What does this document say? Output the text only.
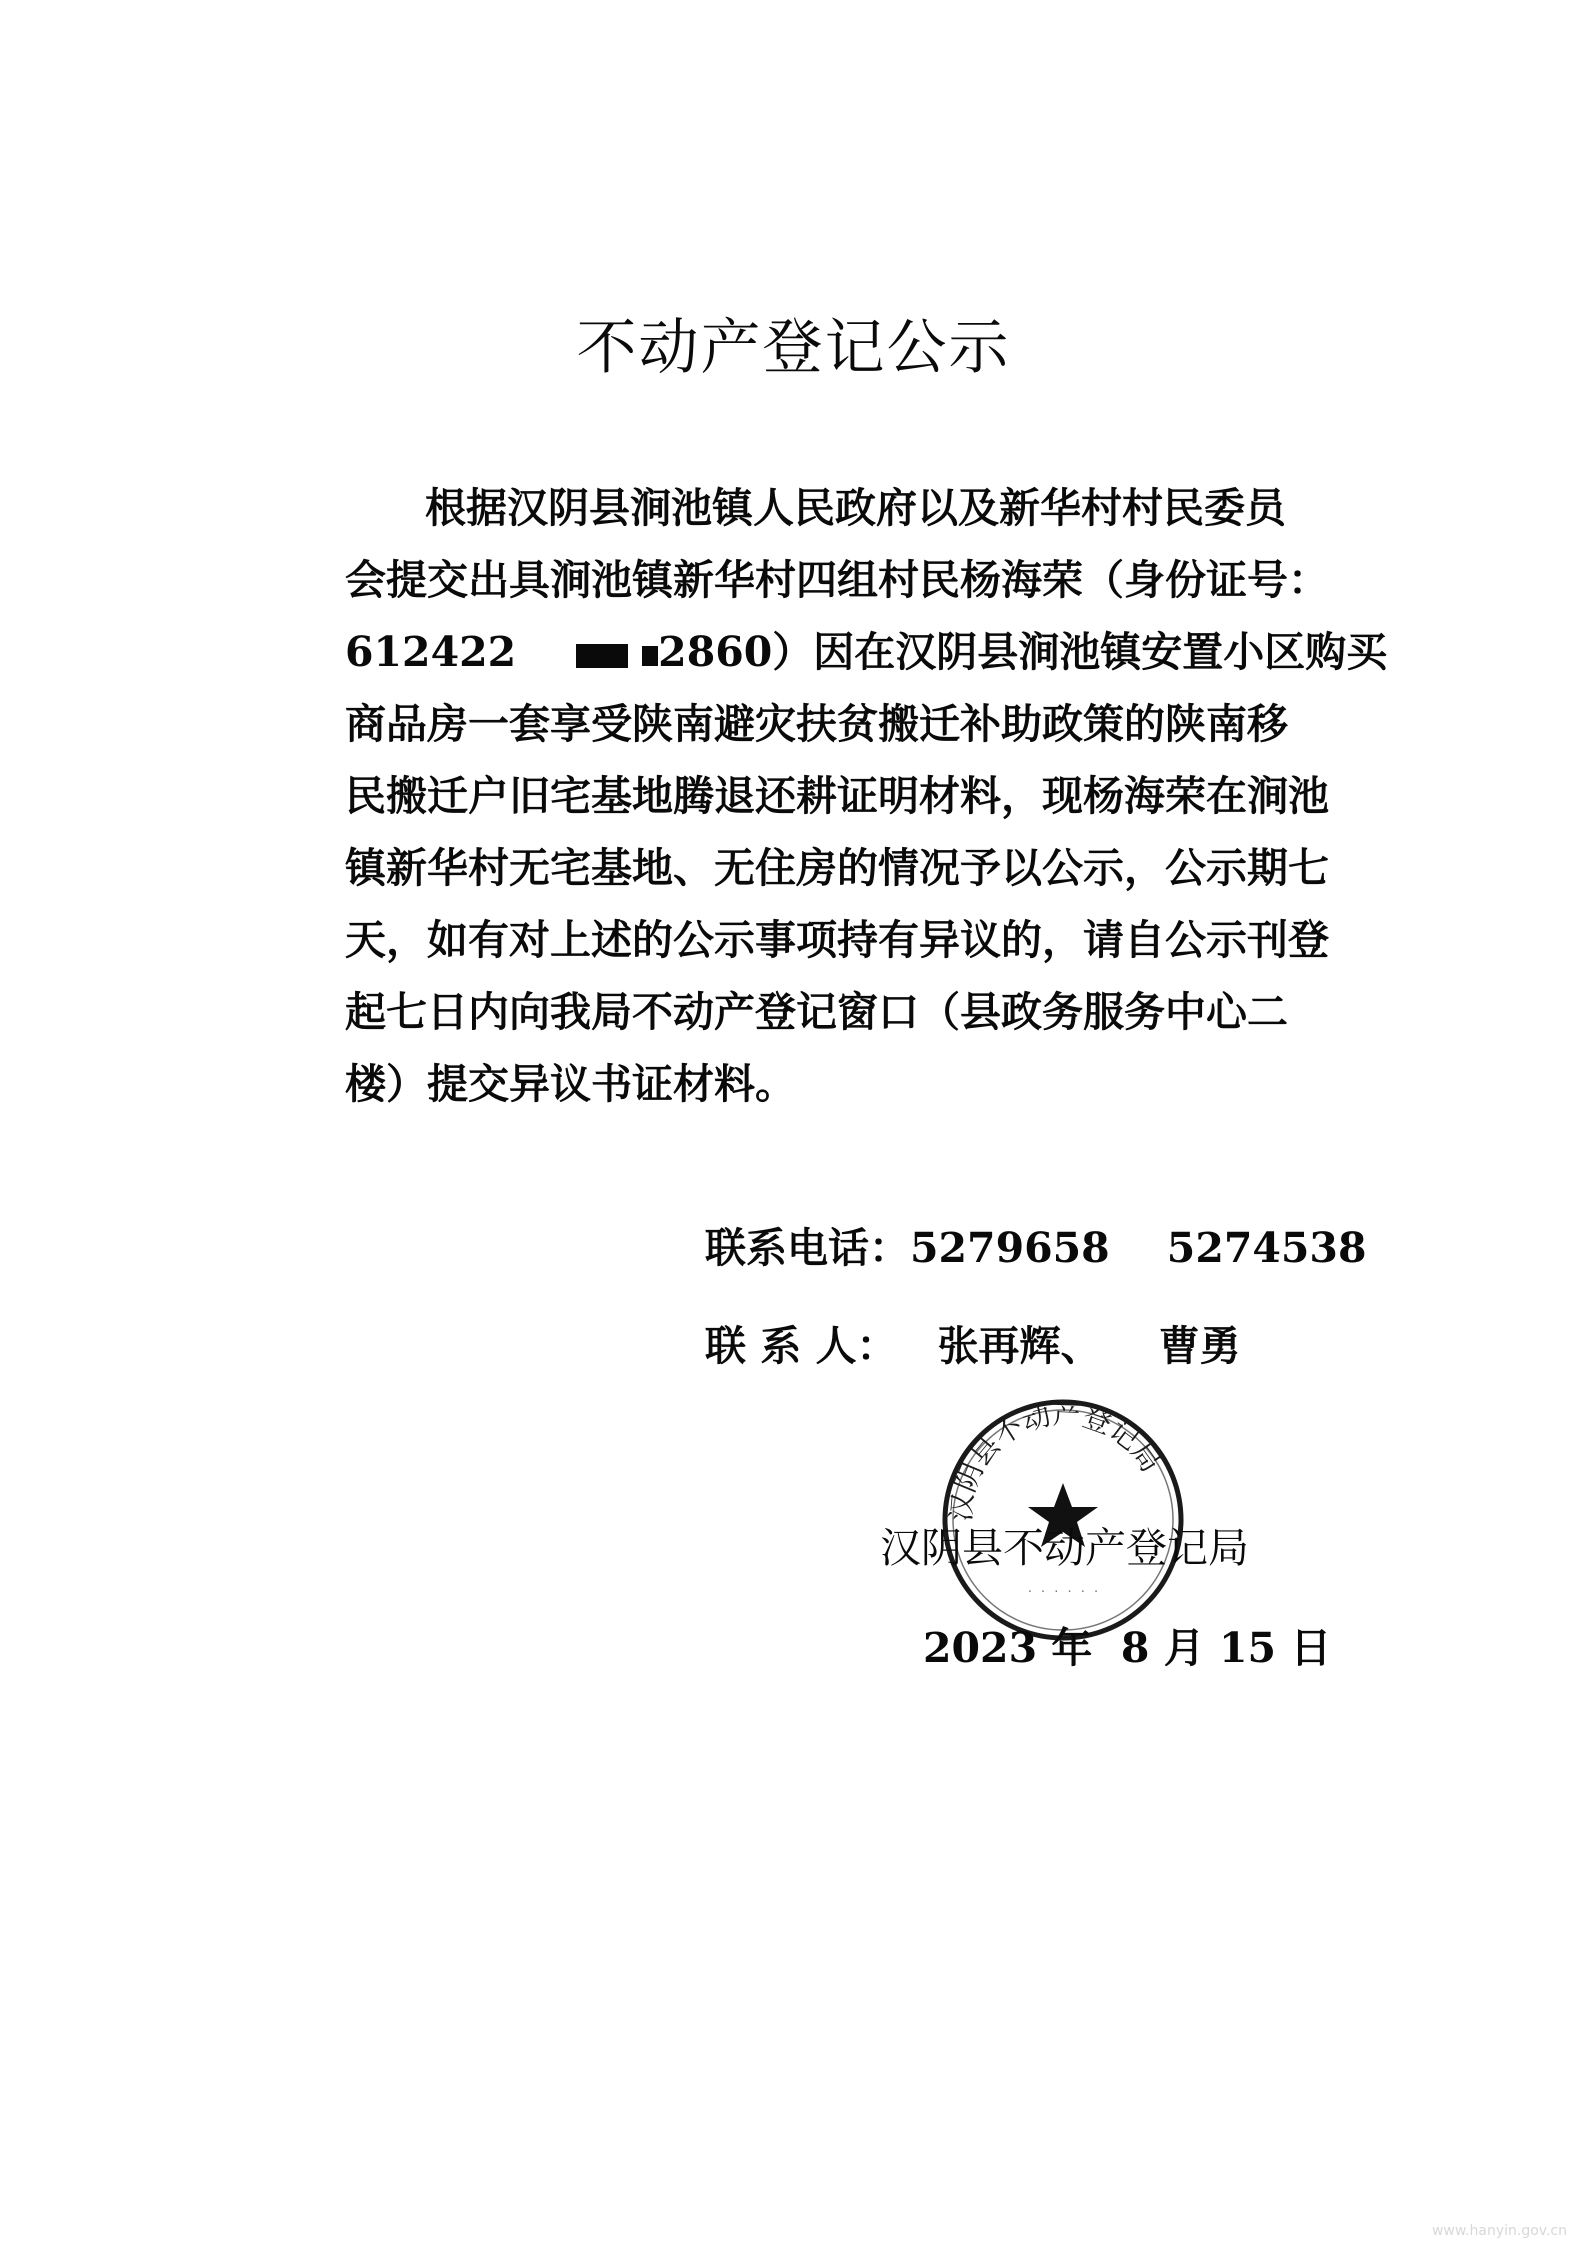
不动产登记公示
根据汉阴县涧池镇人民政府以及新华村村民委员
会提交出具涧池镇新华村四组村民杨海荣（身份证号：
612422	2860）因在汉阴县涧池镇安置小区购买
商品房一套享受陕南避灾扶贫搬迁补助政策的陕南移
民搬迁户旧宅基地腾退还耕证明材料，现杨海荣在涧池
镇新华村无宅基地、无住房的情况予以公示，公示期七
天，如有对上述的公示事项持有异议的，请自公示刊登
起七日内向我局不动产登记窗口（县政务服务中心二
楼）提交异议书证材料。
联系电话：5279658    5274538
联 系 人： 张再辉、    曹勇
汉阴县不动产登记局
· · · · · ·
汉阴县不动产登记局
2023 年  8 月 15 日
www.hanyin.gov.cn
